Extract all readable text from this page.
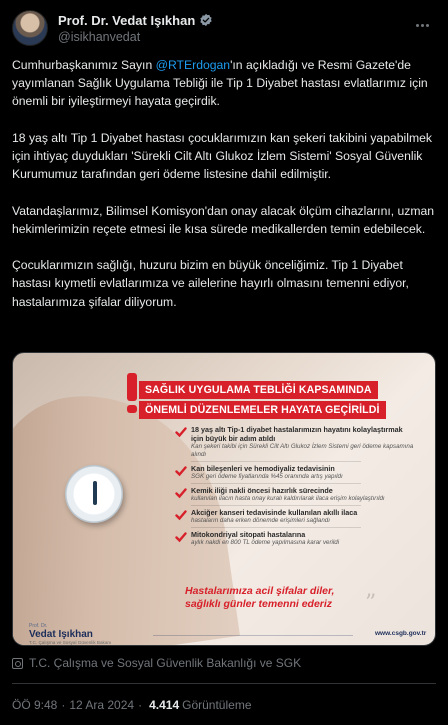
Prof. Dr. Vedat Işıkhan
@isikhanvedat

Cumhurbaşkanımız Sayın @RTErdogan'ın açıkladığı ve Resmi Gazete'de yayımlanan Sağlık Uygulama Tebliği ile Tip 1 Diyabet hastası evlatlarımız için önemli bir iyileştirmeyi hayata geçirdik.

18 yaş altı Tip 1 Diyabet hastası çocuklarımızın kan şekeri takibini yapabilmek için ihtiyaç duydukları 'Sürekli Cilt Altı Glukoz İzlem Sistemi' Sosyal Güvenlik Kurumumuz tarafından geri ödeme listesine dahil edilmiştir.

Vatandaşlarımız, Bilimsel Komisyon'dan onay alacak ölçüm cihazlarını, uzman hekimlerimizin reçete etmesi ile kısa sürede medikallerden temin edebilecek.

Çocuklarımızın sağlığı, huzuru bizim en büyük önceliğimiz. Tip 1 Diyabet hastası kıymetli evlatlarımıza ve ailelerine hayırlı olmasını temenni ediyor, hastalarımıza şifalar diliyorum.

SAĞLIK UYGULAMA TEBLİĞİ KAPSAMINDA
ÖNEMLİ DÜZENLEMELER HAYATA GEÇİRİLDİ
18 yaş altı Tip-1 diyabet hastalarımızın hayatını kolaylaştırmak için büyük bir adım atıldı
Kan şekeri takibi için Sürekli Cilt Altı Glukoz İzlem Sistemi geri ödeme kapsamına alındı
Kan bileşenleri ve hemodiyaliz tedavisinin
SGK geri ödeme fiyatlarında %45 oranında artış yapıldı
Kemik iliği nakli öncesi hazırlık sürecinde
kullanılan ilacın hasta onay kuralı kaldırılarak ilaca erişim kolaylaştırıldı
Akciğer kanseri tedavisinde kullanılan akıllı ilaca
hastaların daha erken dönemde erişimleri sağlandı
Mitokondriyal sitopati hastalarına
aylık nakdi en 800 TL ödeme yapılmasına karar verildi
Hastalarımıza acil şifalar diler,
sağlıklı günler temenni ederiz ”
Prof. Dr.
Vedat Işıkhan
T.C. Çalışma ve Sosyal Güvenlik Bakanı
www.csgb.gov.tr
T.C. Çalışma ve Sosyal Güvenlik Bakanlığı ve SGK
ÖÖ 9:48 · 12 Ara 2024 · 4.414 Görüntüleme
